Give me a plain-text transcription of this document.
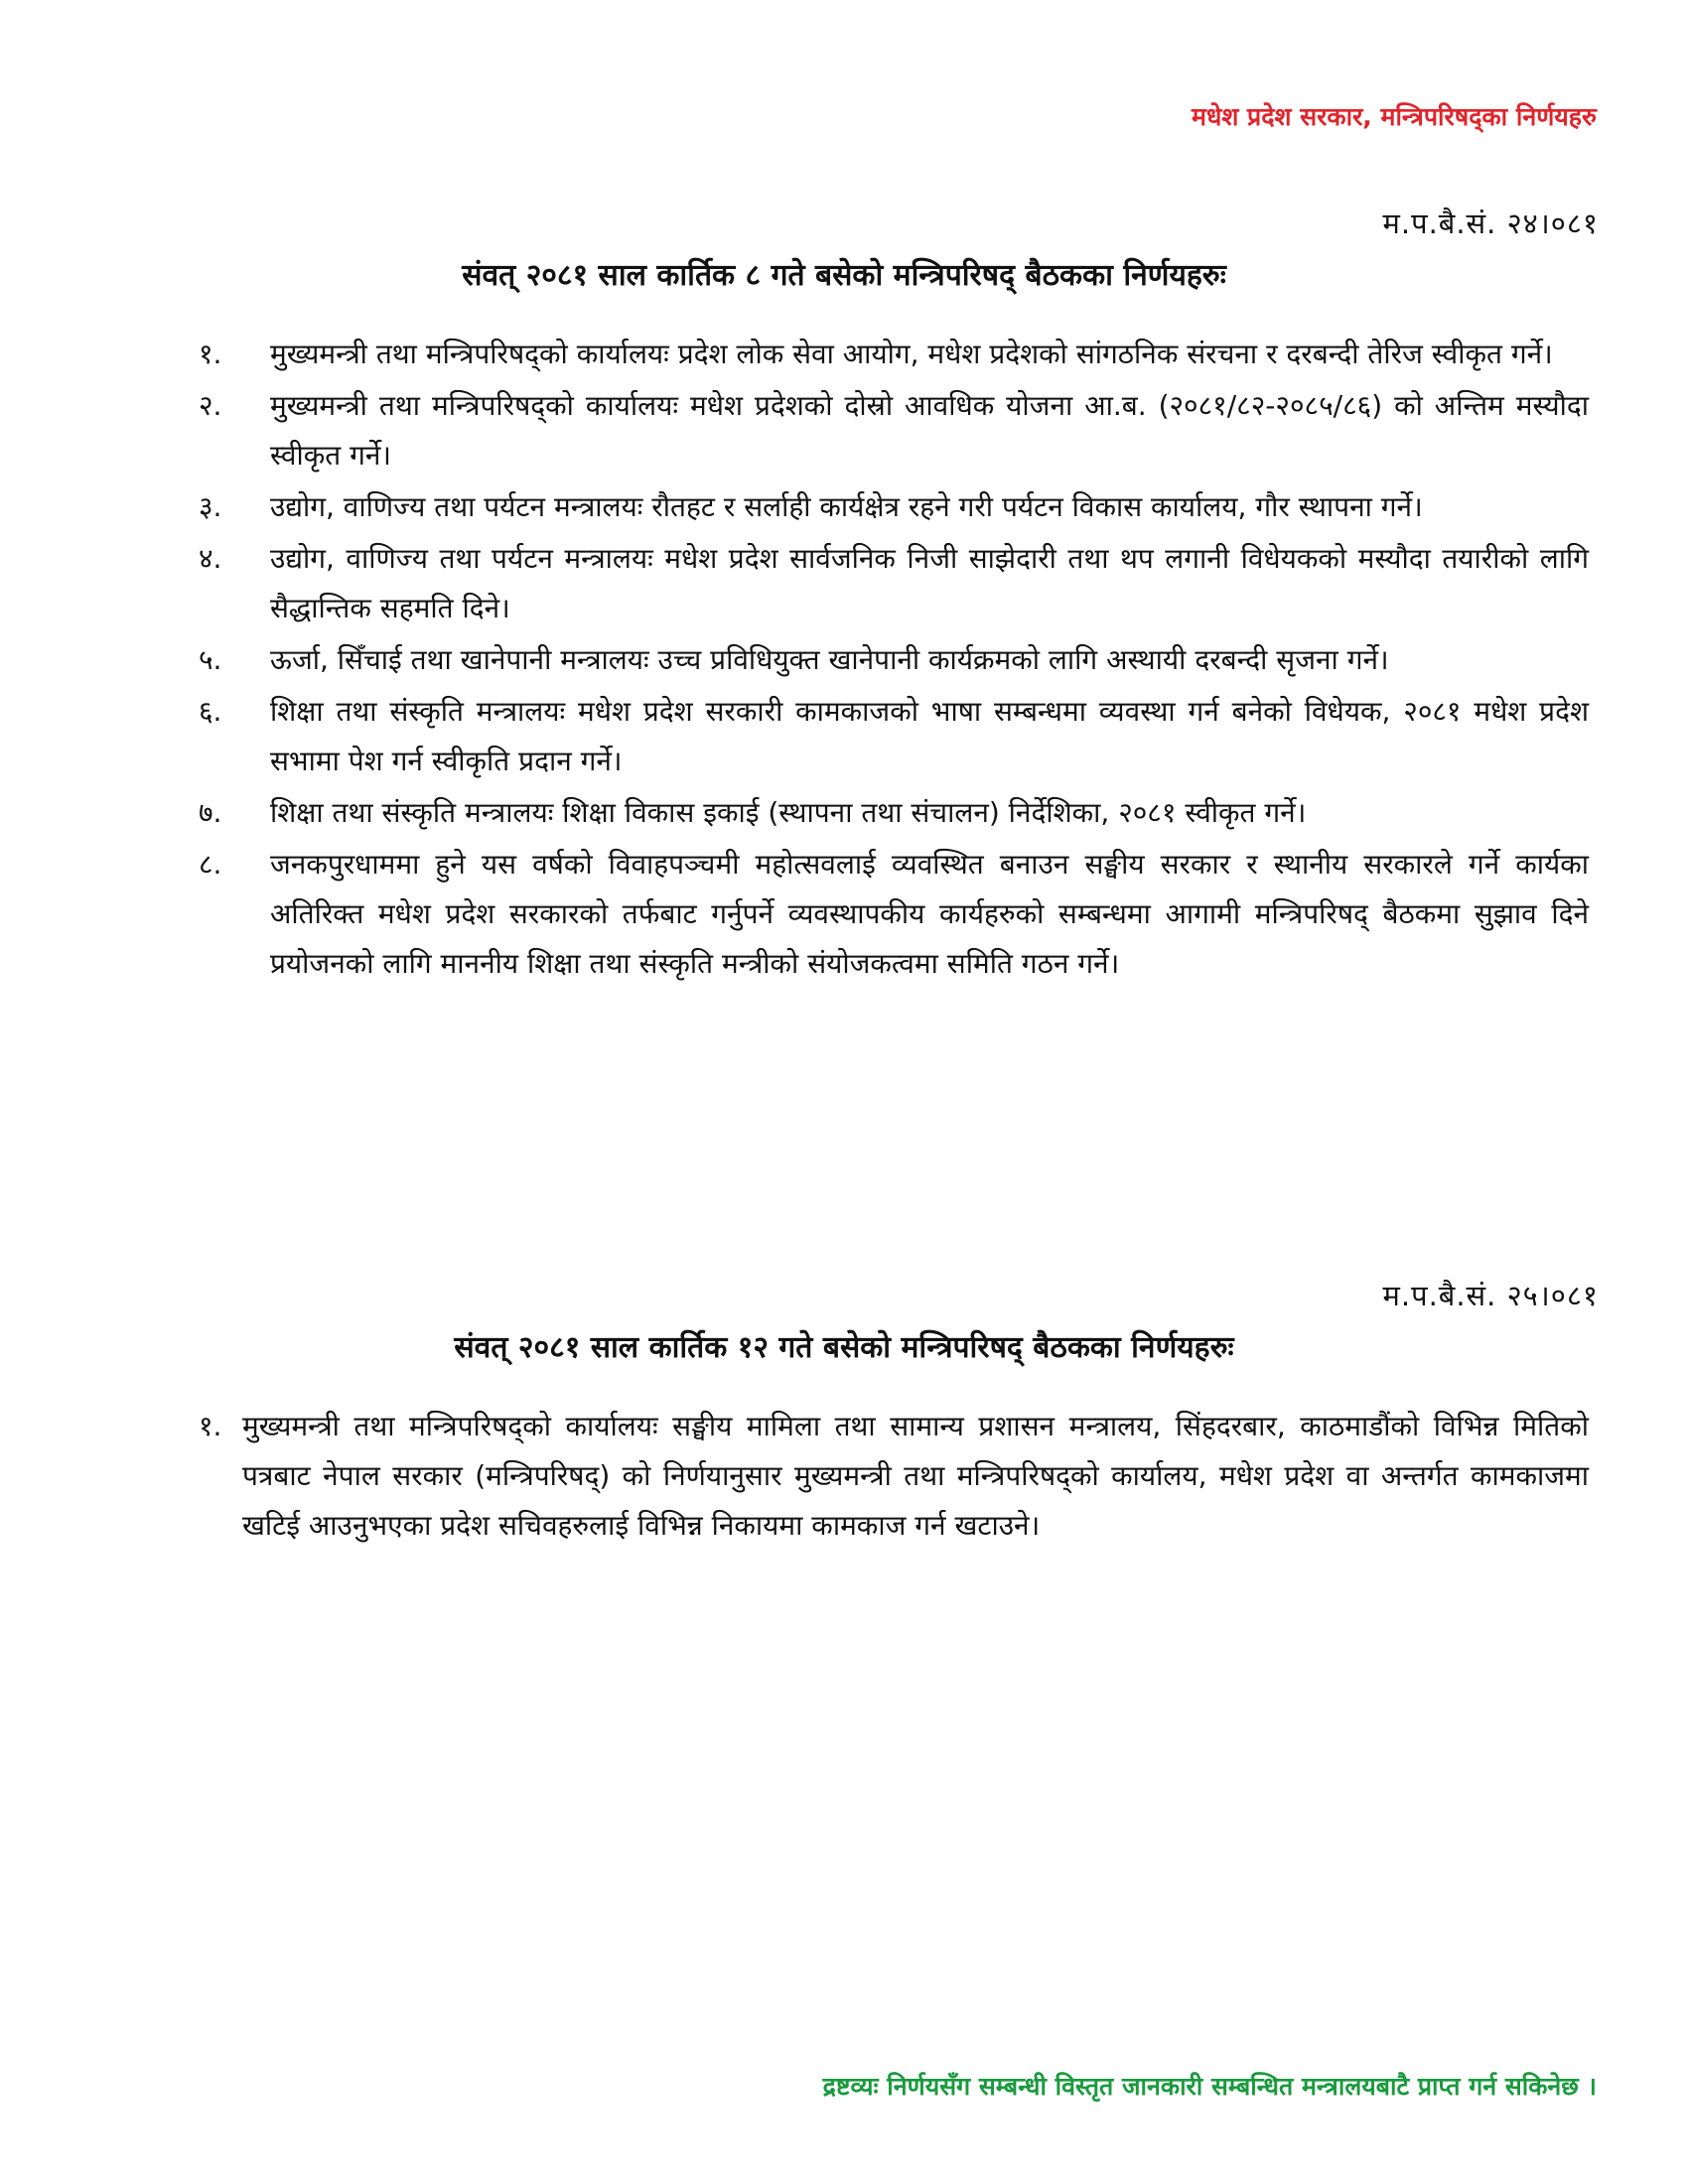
मधेश प्रदेश सरकार, मन्त्रिपरिषद्‌का निर्णयहरु
म.प.बै.सं. २४।०८१
संवत् २०८१ साल कार्तिक ८ गते बसेको मन्त्रिपरिषद् बैठकका निर्णयहरुः
१. मुख्यमन्त्री तथा मन्त्रिपरिषद्को कार्यालयः प्रदेश लोक सेवा आयोग, मधेश प्रदेशको सांगठनिक संरचना र दरबन्दी तेरिज स्वीकृत गर्ने।
२. मुख्यमन्त्री तथा मन्त्रिपरिषद्को कार्यालयः मधेश प्रदेशको दोस्रो आवधिक योजना आ.ब. (२०८१/८२-२०८५/८६) को अन्तिम मस्यौदा स्वीकृत गर्ने।
३. उद्योग, वाणिज्य तथा पर्यटन मन्त्रालयः रौतहट र सर्लाही कार्यक्षेत्र रहने गरी पर्यटन विकास कार्यालय, गौर स्थापना गर्ने।
४. उद्योग, वाणिज्य तथा पर्यटन मन्त्रालयः मधेश प्रदेश सार्वजनिक निजी साझेदारी तथा थप लगानी विधेयकको मस्यौदा तयारीको लागि सैद्धान्तिक सहमति दिने।
५. ऊर्जा, सिँचाई तथा खानेपानी मन्त्रालयः उच्च प्रविधियुक्त खानेपानी कार्यक्रमको लागि अस्थायी दरबन्दी सृजना गर्ने।
६. शिक्षा तथा संस्कृति मन्त्रालयः मधेश प्रदेश सरकारी कामकाजको भाषा सम्बन्धमा व्यवस्था गर्न बनेको विधेयक, २०८१ मधेश प्रदेश सभामा पेश गर्न स्वीकृति प्रदान गर्ने।
७. शिक्षा तथा संस्कृति मन्त्रालयः शिक्षा विकास इकाई (स्थापना तथा संचालन) निर्देशिका, २०८१ स्वीकृत गर्ने।
८. जनकपुरधाममा हुने यस वर्षको विवाहपञ्चमी महोत्सवलाई व्यवस्थित बनाउन सङ्घीय सरकार र स्थानीय सरकारले गर्ने कार्यका अतिरिक्त मधेश प्रदेश सरकारको तर्फबाट गर्नुपर्ने व्यवस्थापकीय कार्यहरुको सम्बन्धमा आगामी मन्त्रिपरिषद् बैठकमा सुझाव दिने प्रयोजनको लागि माननीय शिक्षा तथा संस्कृति मन्त्रीको संयोजकत्वमा समिति गठन गर्ने।
म.प.बै.सं. २५।०८१
संवत् २०८१ साल कार्तिक १२ गते बसेको मन्त्रिपरिषद् बैठकका निर्णयहरुः
१. मुख्यमन्त्री तथा मन्त्रिपरिषद्को कार्यालयः सङ्घीय मामिला तथा सामान्य प्रशासन मन्त्रालय, सिंहदरबार, काठमाडौंको विभिन्न मितिको पत्रबाट नेपाल सरकार (मन्त्रिपरिषद्) को निर्णयानुसार मुख्यमन्त्री तथा मन्त्रिपरिषद्को कार्यालय, मधेश प्रदेश वा अन्तर्गत कामकाजमा खटिई आउनुभएका प्रदेश सचिवहरुलाई विभिन्न निकायमा कामकाज गर्न खटाउने।
द्रष्टव्यः निर्णयसँग सम्बन्धी विस्तृत जानकारी सम्बन्धित मन्त्रालयबाटै प्राप्त गर्न सकिनेछ ।
